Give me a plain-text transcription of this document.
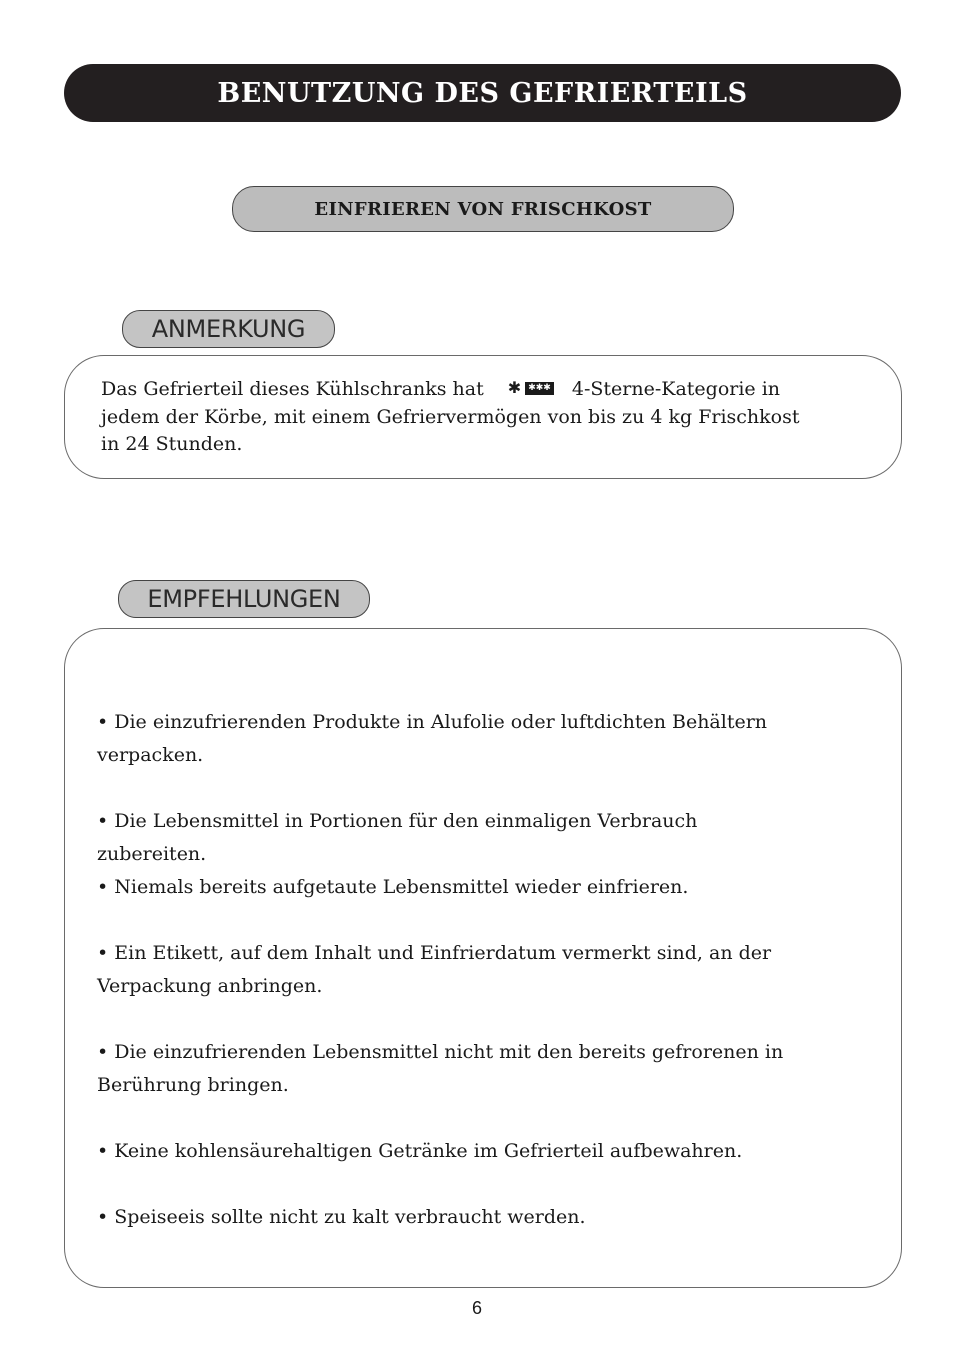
BENUTZUNG DES GEFRIERTEILS
EINFRIEREN VON FRISCHKOST
ANMERKUNG
Das Gefrierteil dieses Kühlschranks hat ✱ ✱✱✱ 4-Sterne-Kategorie in
jedem der Körbe, mit einem Gefriervermögen von bis zu 4 kg Frischkost
in 24 Stunden.
EMPFEHLUNGEN

• Die einzufrierenden Produkte in Alufolie oder luftdichten Behältern

verpacken.

• Die Lebensmittel in Portionen für den einmaligen Verbrauch

zubereiten.

• Niemals bereits aufgetaute Lebensmittel wieder einfrieren.

• Ein Etikett, auf dem Inhalt und Einfrierdatum vermerkt sind, an der

Verpackung anbringen.

• Die einzufrierenden Lebensmittel nicht mit den bereits gefrorenen in

Berührung bringen.

• Keine kohlensäurehaltigen Getränke im Gefrierteil aufbewahren.

• Speiseeis sollte nicht zu kalt verbraucht werden.

6
